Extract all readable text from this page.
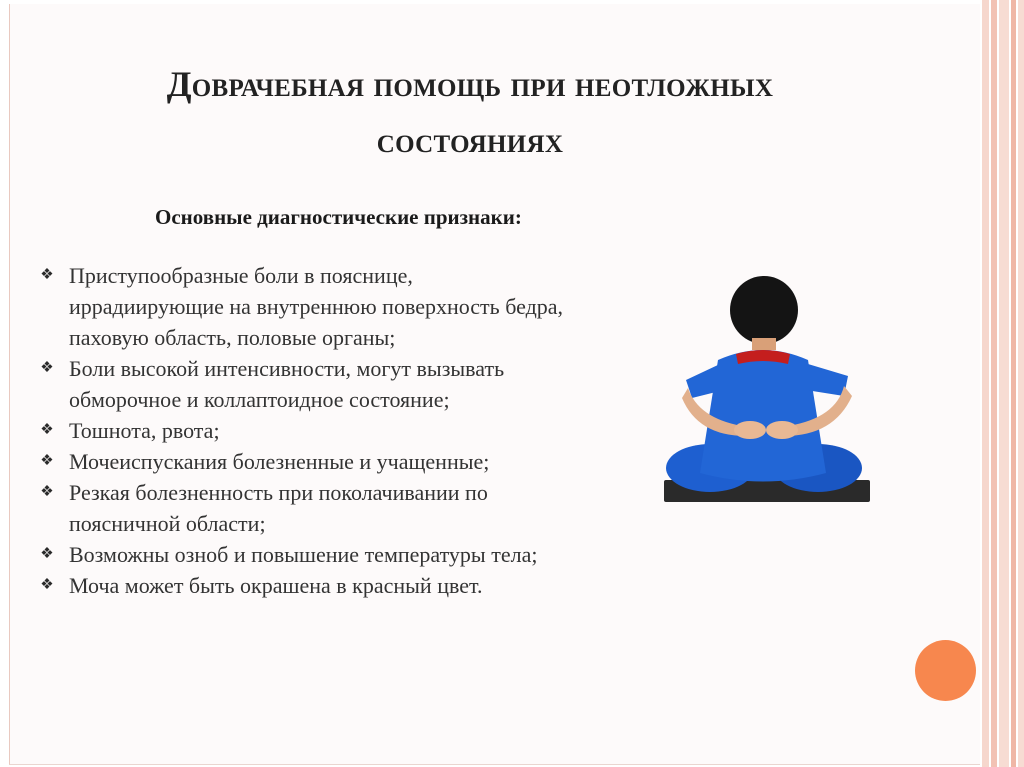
Доврачебная помощь при неотложных
состояниях
Основные диагностические признаки:
❖ Приступообразные боли в пояснице,
иррадиирующие на внутреннюю поверхность бедра,
паховую область, половые органы;
❖ Боли высокой интенсивности, могут вызывать
обморочное и коллаптоидное состояние;
❖ Тошнота, рвота;
❖ Мочеиспускания болезненные и учащенные;
❖ Резкая болезненность при поколачивании по
поясничной области;
❖ Возможны озноб и повышение температуры тела;
❖ Моча может быть окрашена в красный цвет.
